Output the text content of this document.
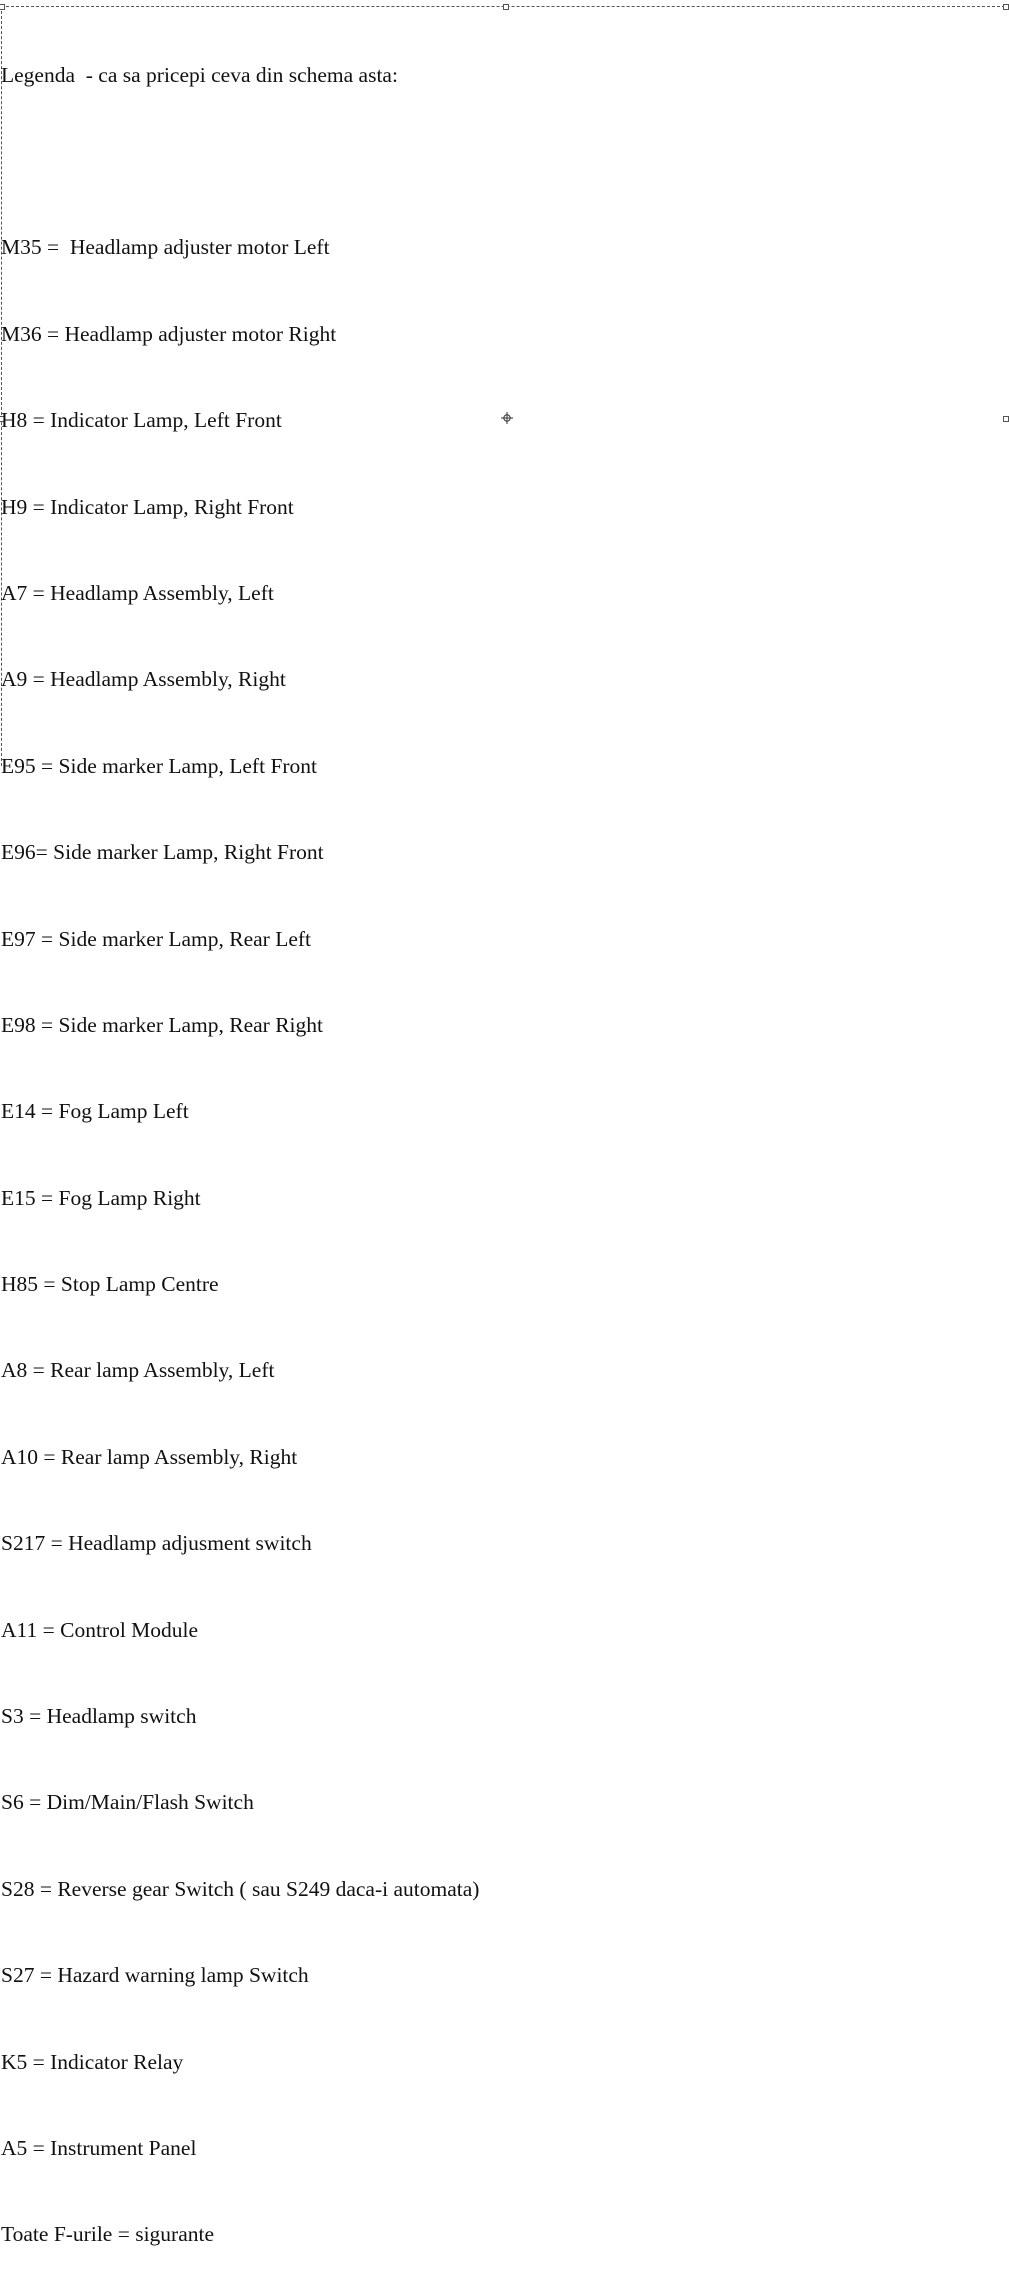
Legenda  - ca sa pricepi ceva din schema asta:

M35 =  Headlamp adjuster motor Left

M36 = Headlamp adjuster motor Right

H8 = Indicator Lamp, Left Front

H9 = Indicator Lamp, Right Front

A7 = Headlamp Assembly, Left

A9 = Headlamp Assembly, Right

E95 = Side marker Lamp, Left Front

E96= Side marker Lamp, Right Front

E97 = Side marker Lamp, Rear Left

E98 = Side marker Lamp, Rear Right

E14 = Fog Lamp Left

E15 = Fog Lamp Right

H85 = Stop Lamp Centre

A8 = Rear lamp Assembly, Left

A10 = Rear lamp Assembly, Right

S217 = Headlamp adjusment switch

A11 = Control Module

S3 = Headlamp switch

S6 = Dim/Main/Flash Switch

S28 = Reverse gear Switch ( sau S249 daca-i automata)

S27 = Hazard warning lamp Switch

K5 = Indicator Relay

A5 = Instrument Panel

Toate F-urile = sigurante
